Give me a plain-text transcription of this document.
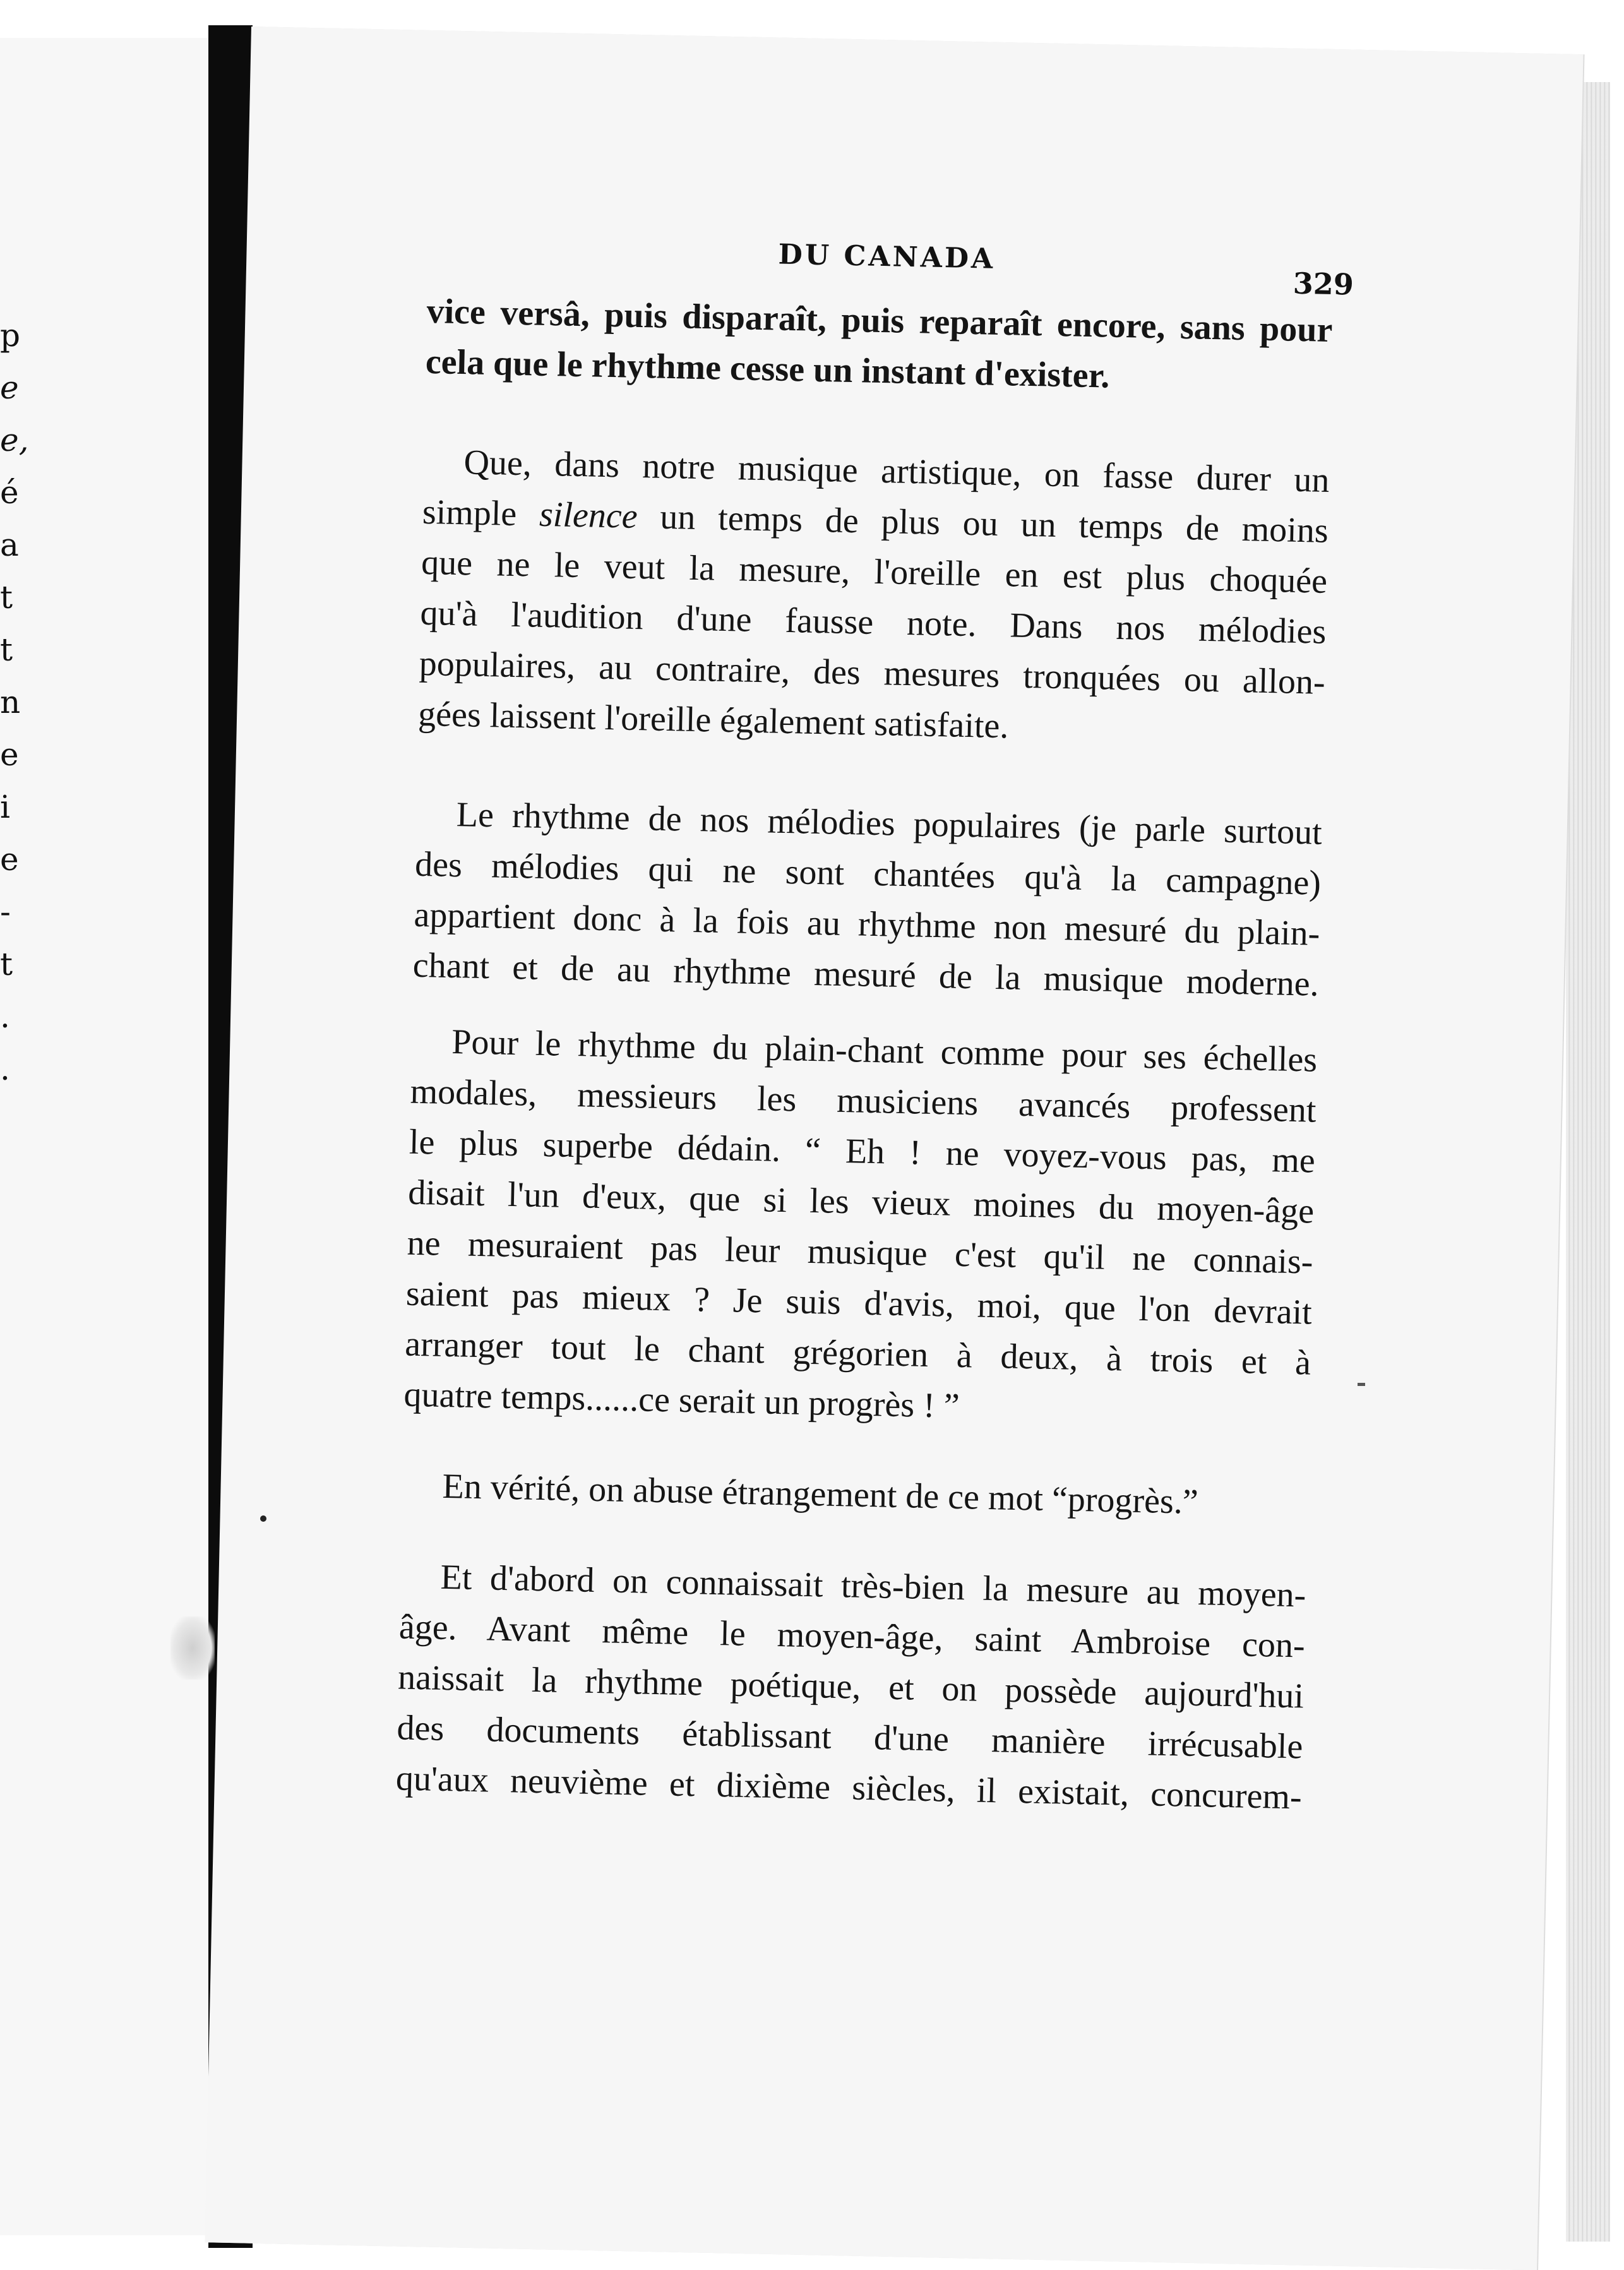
p
e
e,
é
a
t
t
n
e
i
e
-
t
.
.
DU CANADA
329
vice versâ, puis disparaît, puis reparaît encore, sans pour
cela que le rhythme cesse un instant d'exister.
Que, dans notre musique artistique, on fasse durer un
simple silence un temps de plus ou un temps de moins
que ne le veut la mesure, l'oreille en est plus choquée
qu'à l'audition d'une fausse note. Dans nos mélodies
populaires, au contraire, des mesures tronquées ou allon-
gées laissent l'oreille également satisfaite.
Le rhythme de nos mélodies populaires (je parle surtout
des mélodies qui ne sont chantées qu'à la campagne)
appartient donc à la fois au rhythme non mesuré du plain-
chant et de au rhythme mesuré de la musique moderne.
Pour le rhythme du plain-chant comme pour ses échelles
modales, messieurs les musiciens avancés professent
le plus superbe dédain. “ Eh ! ne voyez-vous pas, me
disait l'un d'eux, que si les vieux moines du moyen-âge
ne mesuraient pas leur musique c'est qu'il ne connais-
saient pas mieux ? Je suis d'avis, moi, que l'on devrait
arranger tout le chant grégorien à deux, à trois et à
quatre temps......ce serait un progrès ! ”
En vérité, on abuse étrangement de ce mot “progrès.”
Et d'abord on connaissait très-bien la mesure au moyen-
âge. Avant même le moyen-âge, saint Ambroise con-
naissait la rhythme poétique, et on possède aujourd'hui
des documents établissant d'une manière irrécusable
qu'aux neuvième et dixième siècles, il existait, concurem-
